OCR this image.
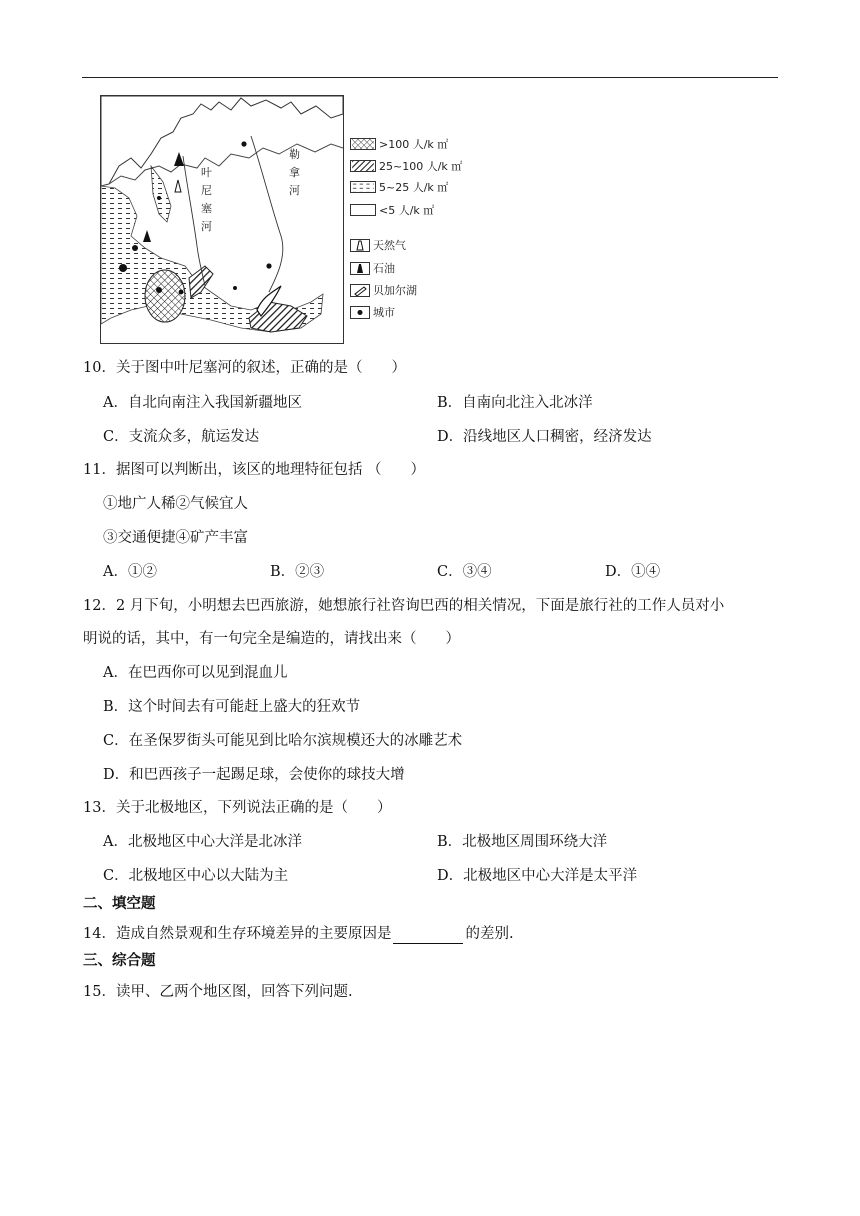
叶尼塞河
勒拿河
>100 人/k ㎡
25~100 人/k ㎡
5~25 人/k ㎡
<5 人/k ㎡
天然气
石油
贝加尔湖
城市
10．关于图中叶尼塞河的叙述，正确的是（　　）
A．自北向南注入我国新疆地区	B．自南向北注入北冰洋
C．支流众多，航运发达	D．沿线地区人口稠密，经济发达
11．据图可以判断出，该区的地理特征包括 （　　）
①地广人稀②气候宜人
③交通便捷④矿产丰富
A．①②	B．②③	C．③④	D．①④
12．2 月下旬，小明想去巴西旅游，她想旅行社咨询巴西的相关情况，下面是旅行社的工作人员对小
明说的话，其中，有一句完全是编造的，请找出来（　　）
A．在巴西你可以见到混血儿
B．这个时间去有可能赶上盛大的狂欢节
C．在圣保罗街头可能见到比哈尔滨规模还大的冰雕艺术
D．和巴西孩子一起踢足球，会使你的球技大增
13．关于北极地区，下列说法正确的是（　　）
A．北极地区中心大洋是北冰洋	B．北极地区周围环绕大洋
C．北极地区中心以大陆为主	D．北极地区中心大洋是太平洋
二、填空题
14．造成自然景观和生存环境差异的主要原因是	的差别.
三、综合题
15．读甲、乙两个地区图，回答下列问题.
